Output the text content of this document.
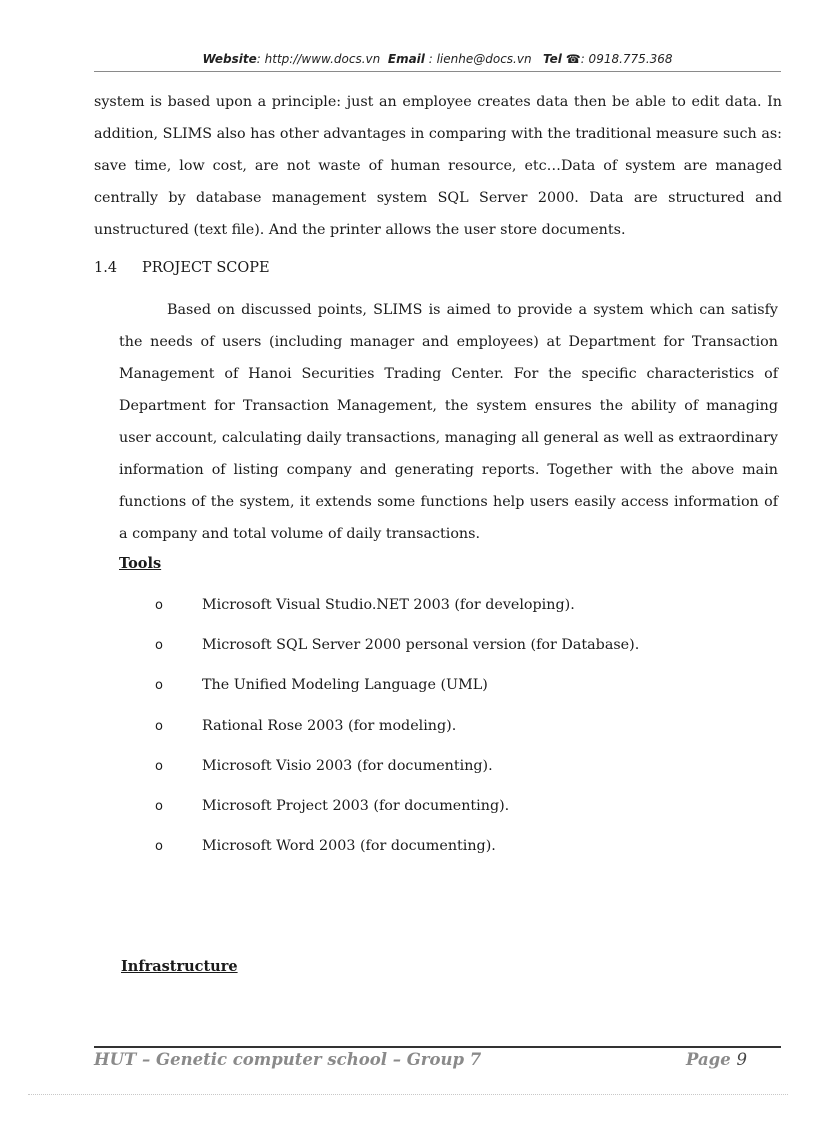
Website: http://www.docs.vn Email : lienhe@docs.vn Tel ☎: 0918.775.368

system is based upon a principle: just an employee creates data then be able to edit data. In addition, SLIMS also has other advantages in comparing with the traditional measure such as: save time, low cost, are not waste of human resource, etc…Data of system are managed centrally by database management system SQL Server 2000. Data are structured and unstructured (text file). And the printer allows the user store documents.

1.4 PROJECT SCOPE

Based on discussed points, SLIMS is aimed to provide a system which can satisfy the needs of users (including manager and employees) at Department for Transaction Management of Hanoi Securities Trading Center. For the specific characteristics of Department for Transaction Management, the system ensures the ability of managing user account, calculating daily transactions, managing all general as well as extraordinary information of listing company and generating reports. Together with the above main functions of the system, it extends some functions help users easily access information of a company and total volume of daily transactions.

Tools
o	Microsoft Visual Studio.NET 2003 (for developing).
o	Microsoft SQL Server 2000 personal version (for Database).
o	The Unified Modeling Language (UML)
o	Rational Rose 2003 (for modeling).
o	Microsoft Visio 2003 (for documenting).
o	Microsoft Project 2003 (for documenting).
o	Microsoft Word 2003 (for documenting).
Infrastructure
HUT – Genetic computer school – Group 7	Page 9
